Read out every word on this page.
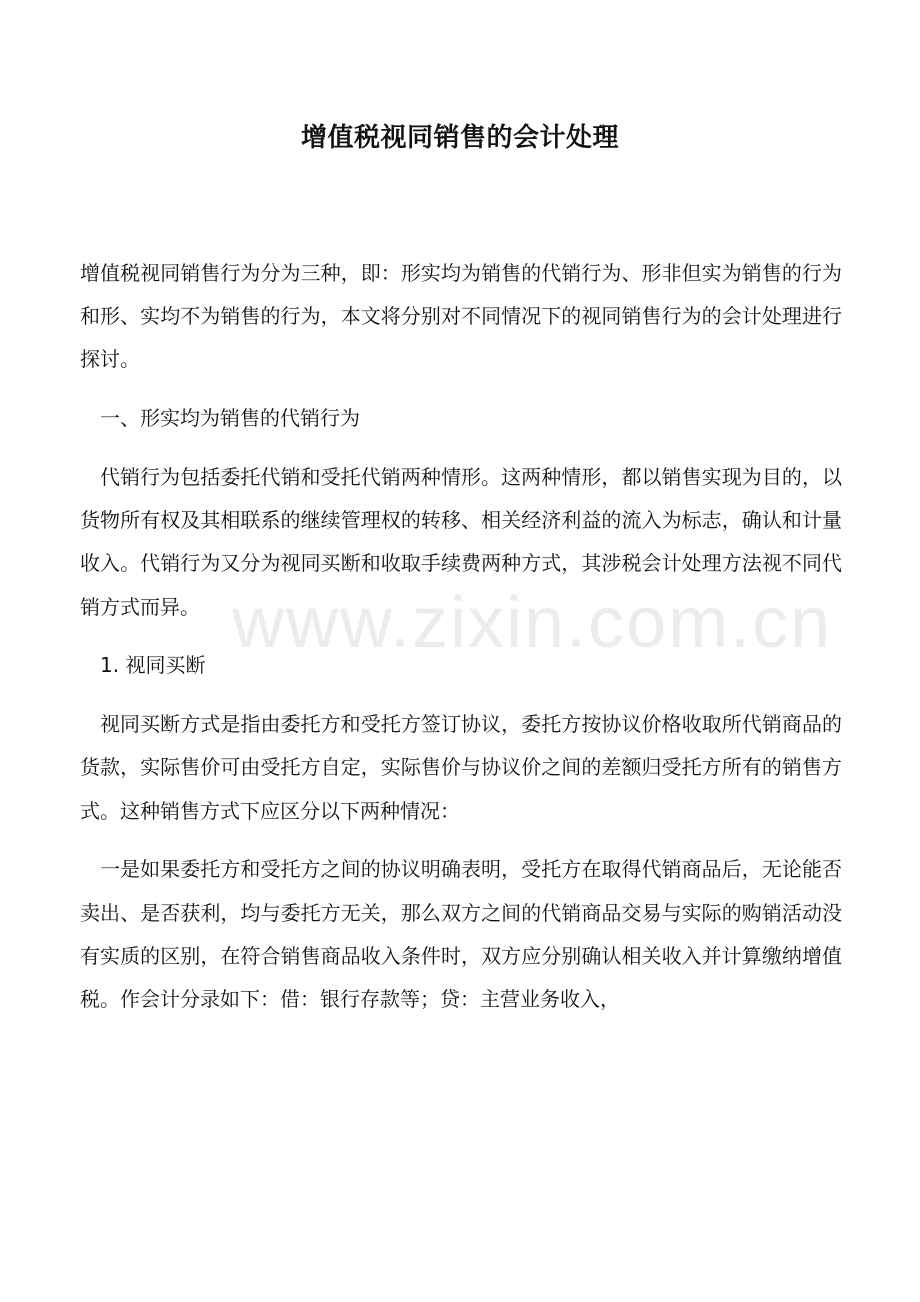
www.zixin.com.cn
增值税视同销售的会计处理

增值税视同销售行为分为三种，即：形实均为销售的代销行为、形非但实为销售的行为和形、实均不为销售的行为，本文将分别对不同情况下的视同销售行为的会计处理进行探讨。

一、形实均为销售的代销行为

代销行为包括委托代销和受托代销两种情形。这两种情形，都以销售实现为目的，以货物所有权及其相联系的继续管理权的转移、相关经济利益的流入为标志，确认和计量收入。代销行为又分为视同买断和收取手续费两种方式，其涉税会计处理方法视不同代销方式而异。

1. 视同买断

视同买断方式是指由委托方和受托方签订协议，委托方按协议价格收取所代销商品的货款，实际售价可由受托方自定，实际售价与协议价之间的差额归受托方所有的销售方式。这种销售方式下应区分以下两种情况：

一是如果委托方和受托方之间的协议明确表明，受托方在取得代销商品后，无论能否卖出、是否获利，均与委托方无关，那么双方之间的代销商品交易与实际的购销活动没有实质的区别，在符合销售商品收入条件时，双方应分别确认相关收入并计算缴纳增值税。作会计分录如下：借：银行存款等；贷：主营业务收入，
